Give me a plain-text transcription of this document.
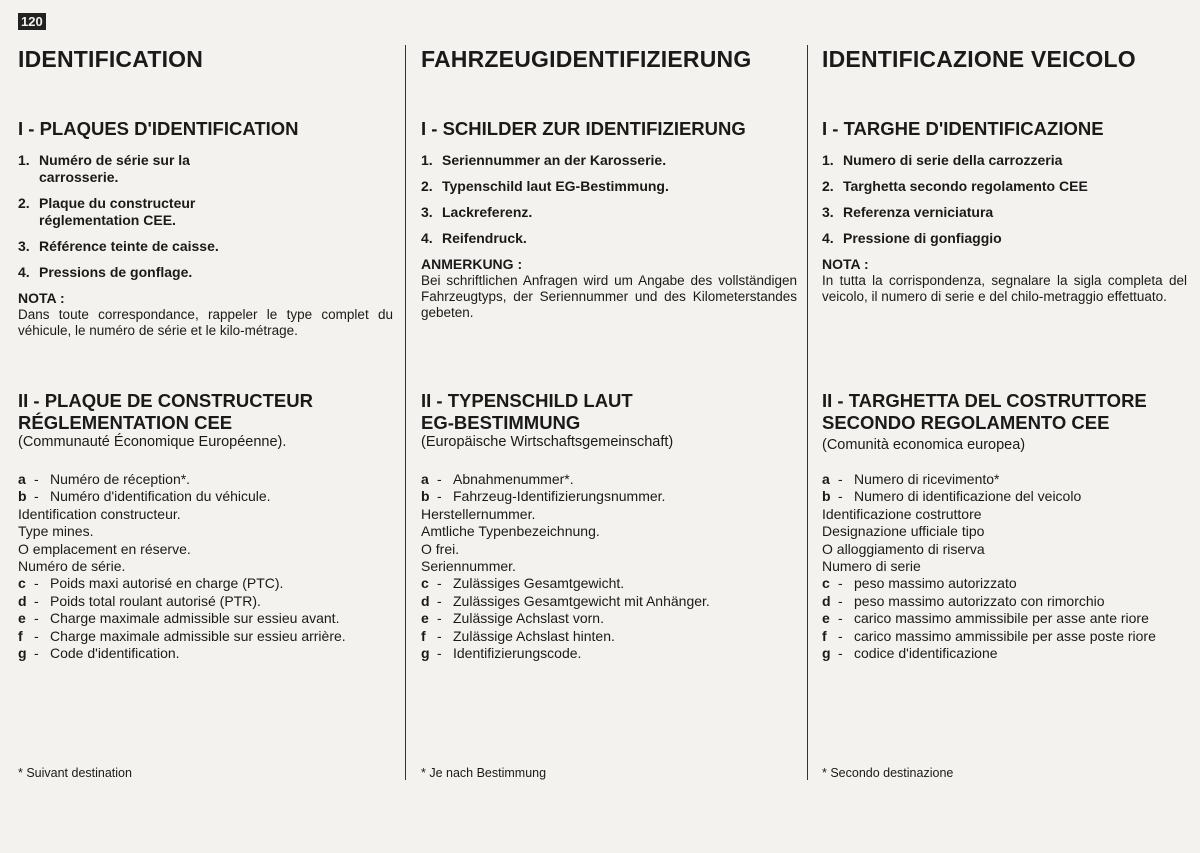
120
IDENTIFICATION
I - PLAQUES D'IDENTIFICATION
1. Numéro de série sur la carrosserie.
2. Plaque du constructeur réglementation CEE.
3. Référence teinte de caisse.
4. Pressions de gonflage.
NOTA :
Dans toute correspondance, rappeler le type complet du véhicule, le numéro de série et le kilo-métrage.
II - PLAQUE DE CONSTRUCTEUR
RÉGLEMENTATION CEE
(Communauté Économique Européenne).
a - Numéro de réception*.
b - Numéro d'identification du véhicule.
Identification constructeur.
Type mines.
O emplacement en réserve.
Numéro de série.
c - Poids maxi autorisé en charge (PTC).
d - Poids total roulant autorisé (PTR).
e - Charge maximale admissible sur essieu avant.
f - Charge maximale admissible sur essieu arrière.
g - Code d'identification.
* Suivant destination
FAHRZEUGIDENTIFIZIERUNG
I - SCHILDER ZUR IDENTIFIZIERUNG
1. Seriennummer an der Karosserie.
2. Typenschild laut EG-Bestimmung.
3. Lackreferenz.
4. Reifendruck.
ANMERKUNG :
Bei schriftlichen Anfragen wird um Angabe des vollständigen Fahrzeugtyps, der Seriennummer und des Kilometerstandes gebeten.
II - TYPENSCHILD LAUT
EG-BESTIMMUNG
(Europäische Wirtschaftsgemeinschaft)
a - Abnahmenummer*.
b - Fahrzeug-Identifizierungsnummer.
Herstellernummer.
Amtliche Typenbezeichnung.
O frei.
Seriennummer.
c - Zulässiges Gesamtgewicht.
d - Zulässiges Gesamtgewicht mit Anhänger.
e - Zulässige Achslast vorn.
f - Zulässige Achslast hinten.
g - Identifizierungscode.
* Je nach Bestimmung
IDENTIFICAZIONE VEICOLO
I - TARGHE D'IDENTIFICAZIONE
1. Numero di serie della carrozzeria
2. Targhetta secondo regolamento CEE
3. Referenza verniciatura
4. Pressione di gonfiaggio
NOTA :
In tutta la corrispondenza, segnalare la sigla completa del veicolo, il numero di serie e del chilo-metraggio effettuato.
II - TARGHETTA DEL COSTRUTTORE
SECONDO REGOLAMENTO CEE
(Comunità economica europea)
a - Numero di ricevimento*
b - Numero di identificazione del veicolo
Identificazione costruttore
Designazione ufficiale tipo
O alloggiamento di riserva
Numero di serie
c - peso massimo autorizzato
d - peso massimo autorizzato con rimorchio
e - carico massimo ammissibile per asse ante riore
f - carico massimo ammissibile per asse poste riore
g - codice d'identificazione
* Secondo destinazione
